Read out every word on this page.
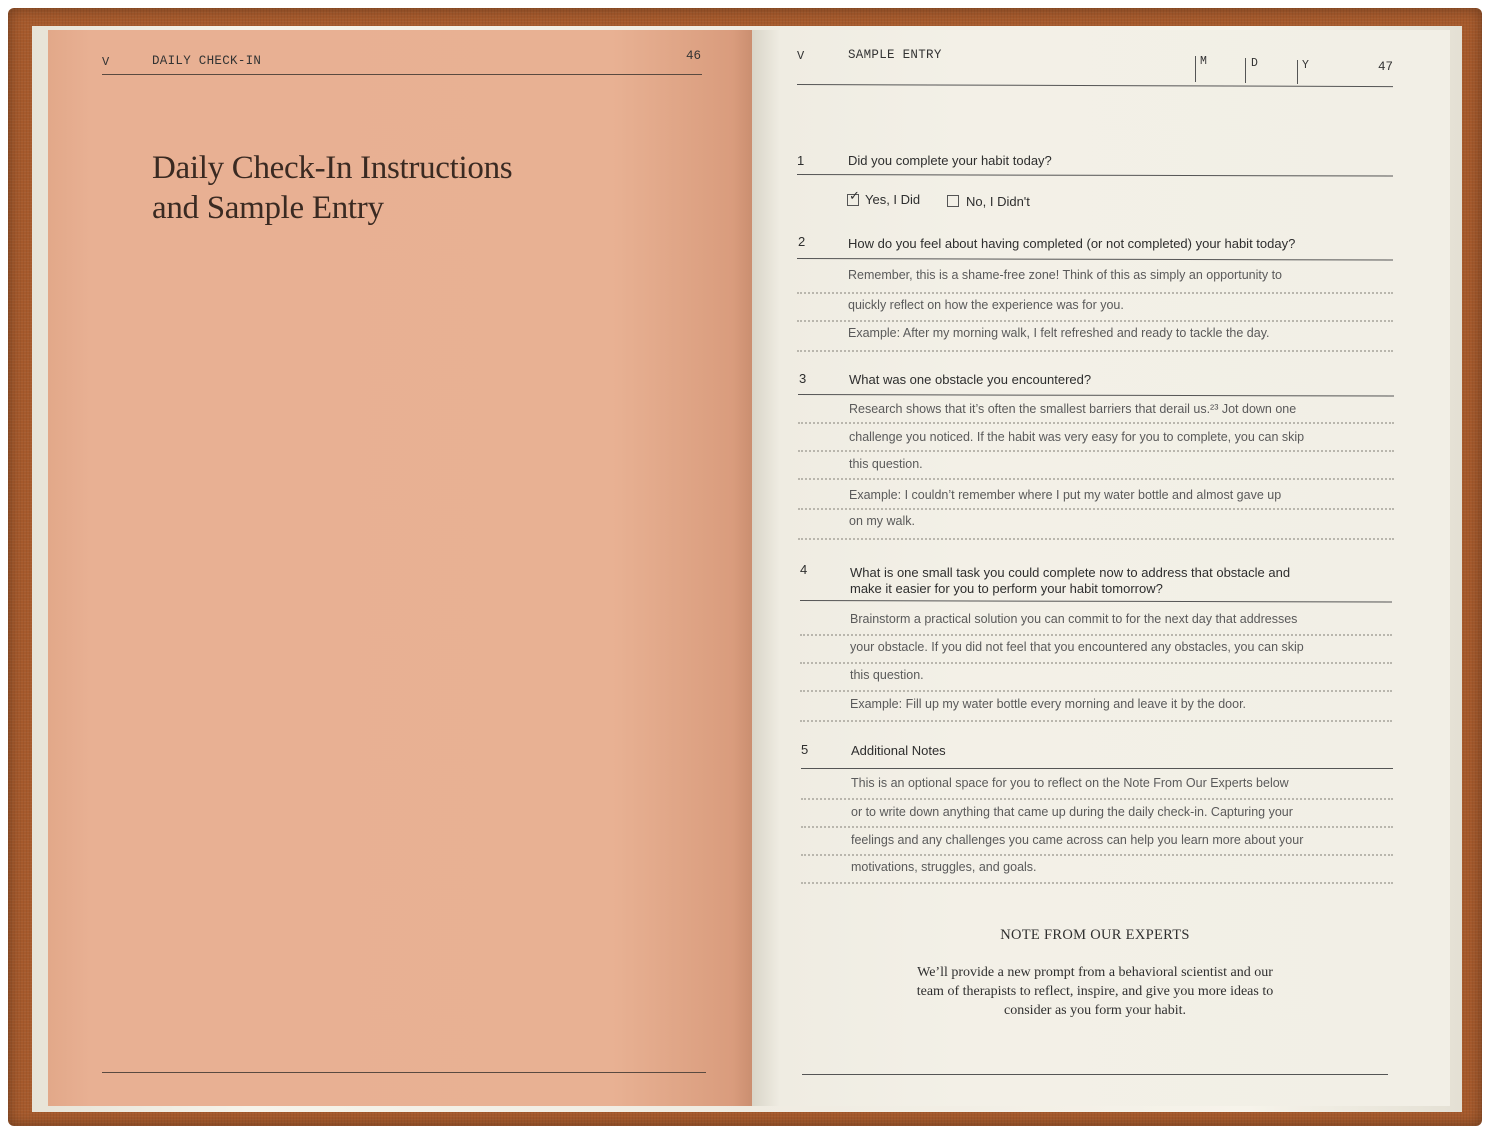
V	DAILY CHECK-IN	46
Daily Check-In Instructions
and Sample Entry
V	SAMPLE ENTRY	M	D	Y	47
1	Did you complete your habit today?
✓ Yes, I Did	No, I Didn't
2	How do you feel about having completed (or not completed) your habit today?
Remember, this is a shame-free zone! Think of this as simply an opportunity to
quickly reflect on how the experience was for you.
Example: After my morning walk, I felt refreshed and ready to tackle the day.
3	What was one obstacle you encountered?
Research shows that it’s often the smallest barriers that derail us.²³ Jot down one
challenge you noticed. If the habit was very easy for you to complete, you can skip
this question.
Example: I couldn’t remember where I put my water bottle and almost gave up
on my walk.
4	What is one small task you could complete now to address that obstacle and
make it easier for you to perform your habit tomorrow?
Brainstorm a practical solution you can commit to for the next day that addresses
your obstacle. If you did not feel that you encountered any obstacles, you can skip
this question.
Example: Fill up my water bottle every morning and leave it by the door.
5	Additional Notes
This is an optional space for you to reflect on the Note From Our Experts below
or to write down anything that came up during the daily check-in. Capturing your
feelings and any challenges you came across can help you learn more about your
motivations, struggles, and goals.
NOTE FROM OUR EXPERTS
We’ll provide a new prompt from a behavioral scientist and our
team of therapists to reflect, inspire, and give you more ideas to
consider as you form your habit.
